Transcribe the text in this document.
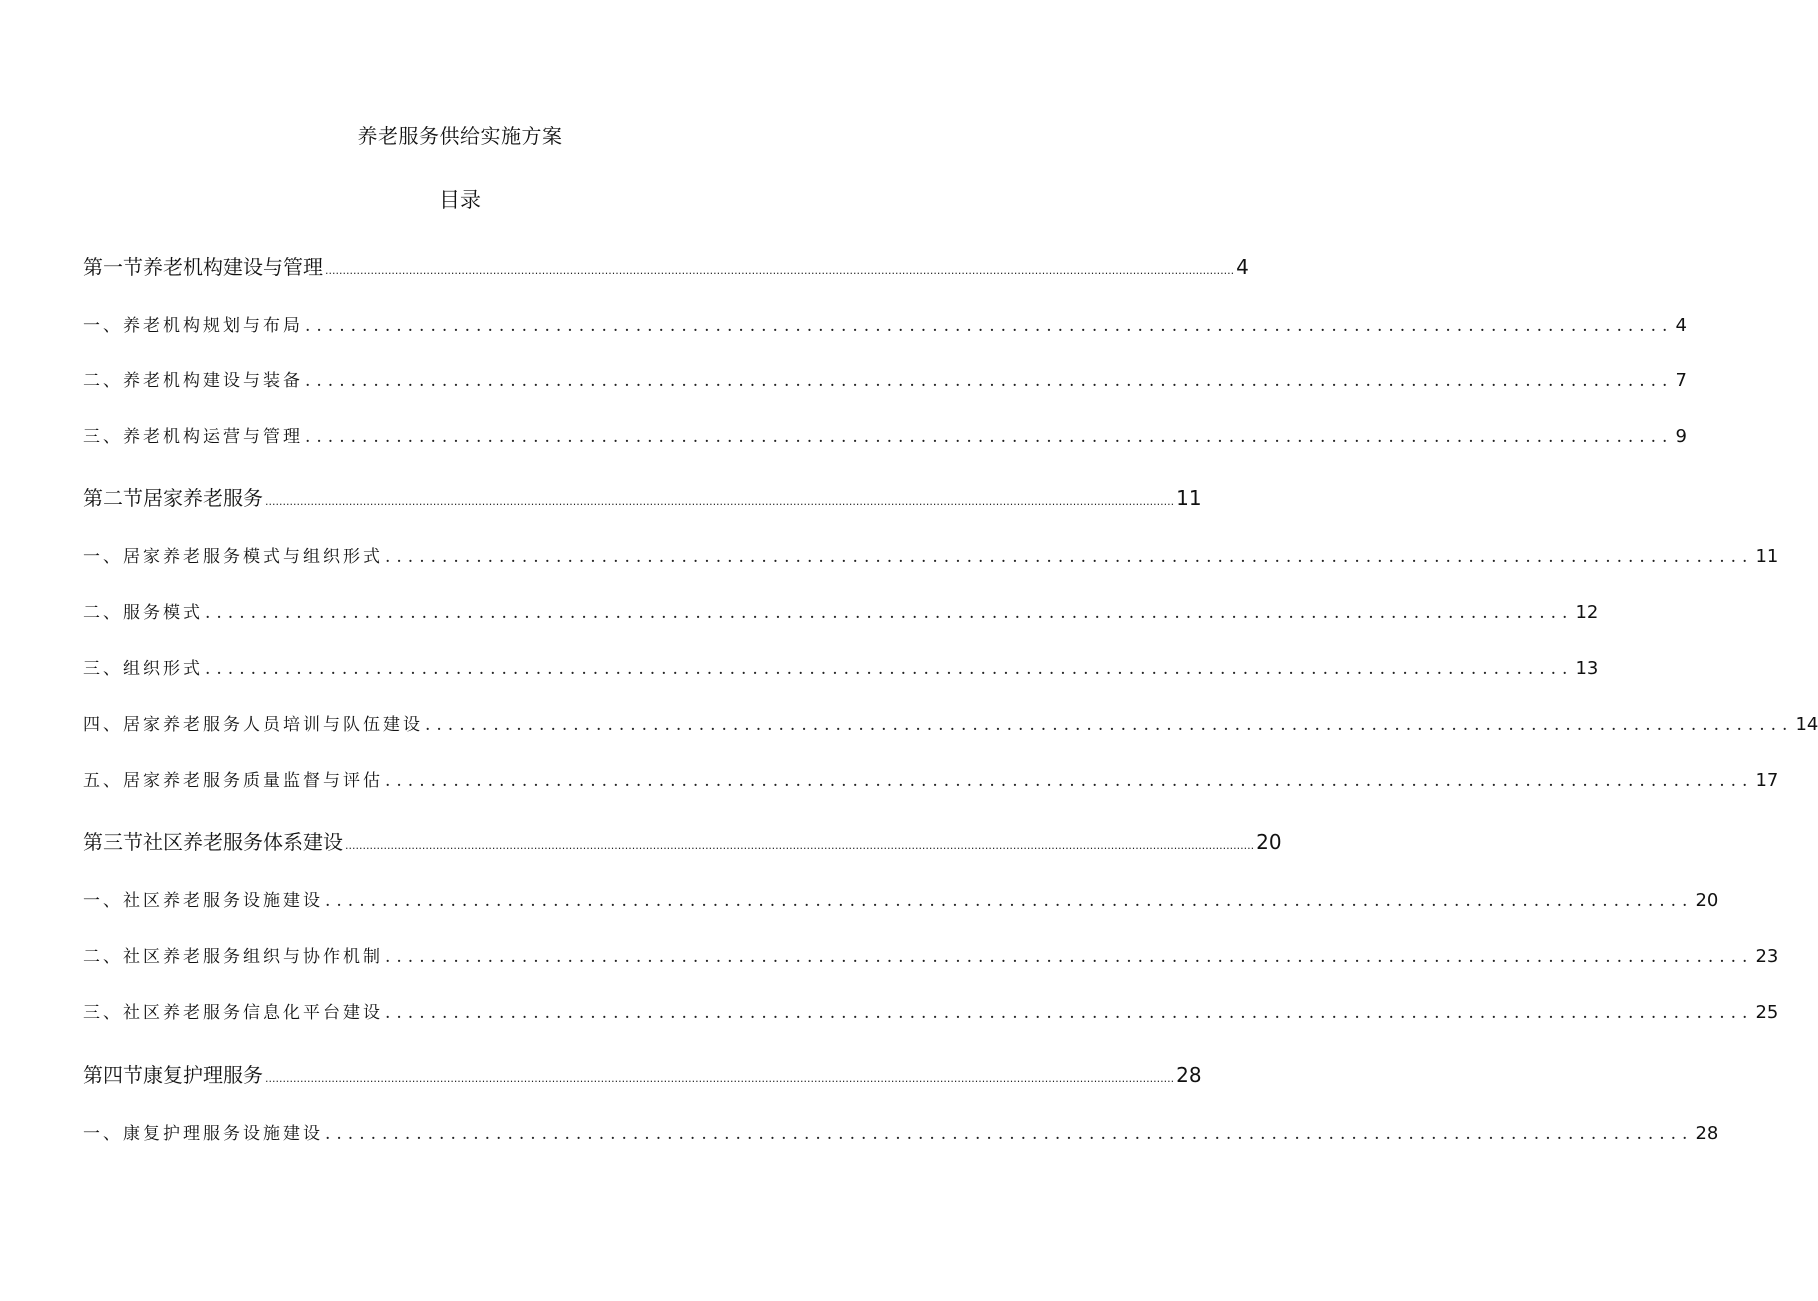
养老服务供给实施方案
目录
第一节养老机构建设与管理 .................................................................................................................................................................................................................................................................... 4
一、养老机构规划与布局 ........................................................................................................................ 4
二、养老机构建设与装备 ........................................................................................................................ 7
三、养老机构运营与管理 ........................................................................................................................ 9
第二节居家养老服务 .................................................................................................................................................................................................................................................................... 11
一、居家养老服务模式与组织形式 ........................................................................................................................ 11
二、服务模式 ........................................................................................................................ 12
三、组织形式 ........................................................................................................................ 13
四、居家养老服务人员培训与队伍建设 ........................................................................................................................ 14
五、居家养老服务质量监督与评估 ........................................................................................................................ 17
第三节社区养老服务体系建设 .................................................................................................................................................................................................................................................................... 20
一、社区养老服务设施建设 ........................................................................................................................ 20
二、社区养老服务组织与协作机制 ........................................................................................................................ 23
三、社区养老服务信息化平台建设 ........................................................................................................................ 25
第四节康复护理服务 .................................................................................................................................................................................................................................................................... 28
一、康复护理服务设施建设 ........................................................................................................................ 28
